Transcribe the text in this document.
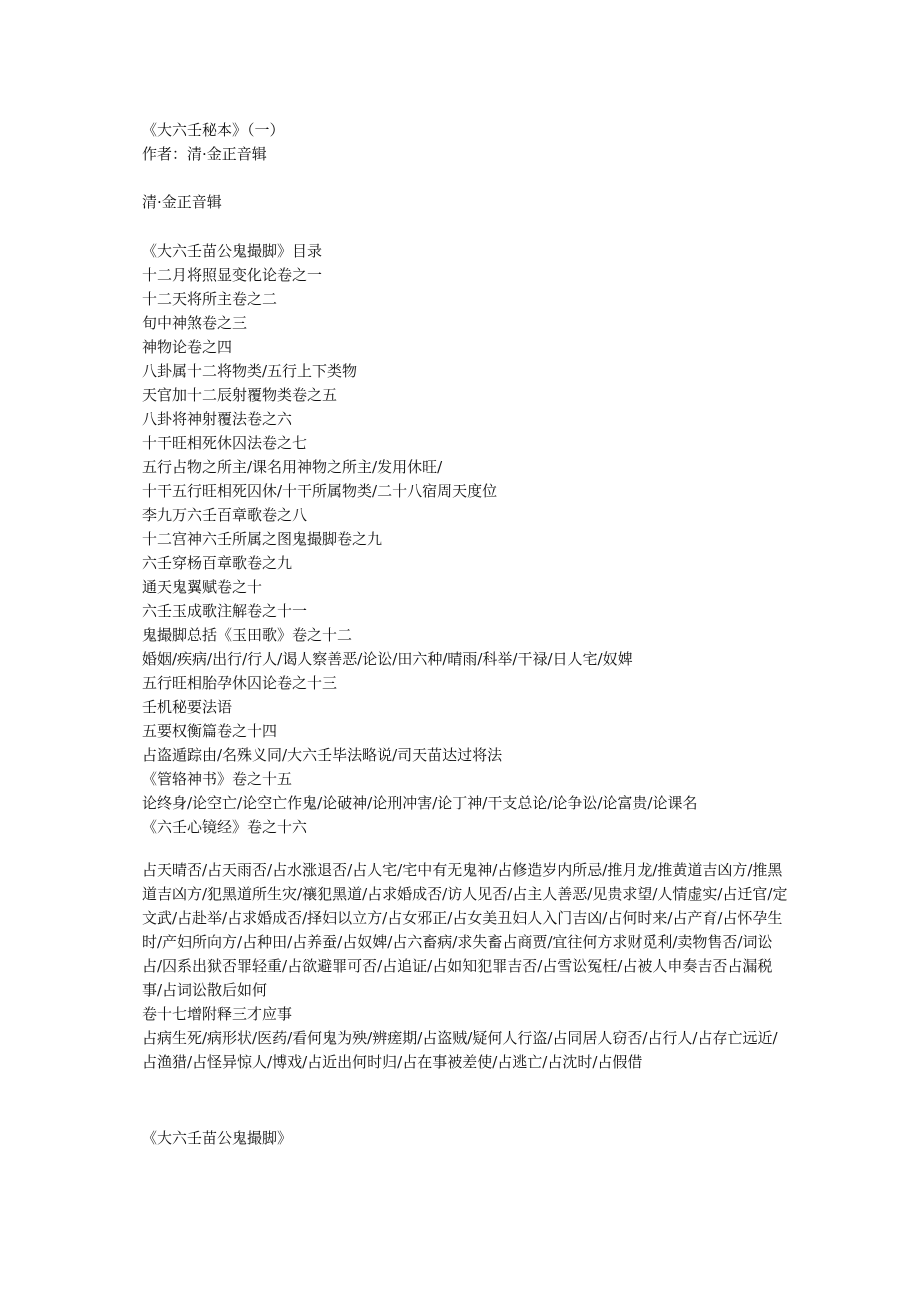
《大六壬秘本》（一）
作者：清·金正音辑
清·金正音辑
《大六壬苗公鬼撮脚》目录
十二月将照显变化论卷之一
十二天将所主卷之二
旬中神煞卷之三
神物论卷之四
八卦属十二将物类/五行上下类物
天官加十二辰射覆物类卷之五
八卦将神射覆法卷之六
十干旺相死休囚法卷之七
五行占物之所主/课名用神物之所主/发用休旺/
十干五行旺相死囚休/十干所属物类/二十八宿周天度位
李九万六壬百章歌卷之八
十二宫神六壬所属之图鬼撮脚卷之九
六壬穿杨百章歌卷之九
通天鬼翼赋卷之十
六壬玉成歌注解卷之十一
鬼撮脚总括《玉田歌》卷之十二
婚姻/疾病/出行/行人/谒人察善恶/论讼/田六种/晴雨/科举/干禄/日人宅/奴婢
五行旺相胎孕休囚论卷之十三
壬机秘要法语
五要权衡篇卷之十四
占盗遁踪由/名殊义同/大六壬毕法略说/司天苗达过将法
《管辂神书》卷之十五
论终身/论空亡/论空亡作鬼/论破神/论刑冲害/论丁神/干支总论/论争讼/论富贵/论课名
《六壬心镜经》卷之十六
占天晴否/占天雨否/占水涨退否/占人宅/宅中有无鬼神/占修造岁内所忌/推月龙/推黄道吉凶方/推黑道吉凶方/犯黑道所生灾/禳犯黑道/占求婚成否/访人见否/占主人善恶/见贵求望/人情虚实/占迁官/定文武/占赴举/占求婚成否/择妇以立方/占女邪正/占女美丑妇人入门吉凶/占何时来/占产育/占怀孕生时/产妇所向方/占种田/占养蚕/占奴婢/占六畜病/求失畜占商贾/宜往何方求财觅利/卖物售否/词讼占/囚系出狱否罪轻重/占欲避罪可否/占追证/占如知犯罪吉否/占雪讼冤枉/占被人申奏吉否占漏税事/占词讼散后如何
卷十七增附释三才应事
占病生死/病形状/医药/看何鬼为殃/辨瘥期/占盗贼/疑何人行盗/占同居人窃否/占行人/占存亡远近/占渔猎/占怪异惊人/博戏/占近出何时归/占在事被差使/占逃亡/占沈时/占假借
《大六壬苗公鬼撮脚》
